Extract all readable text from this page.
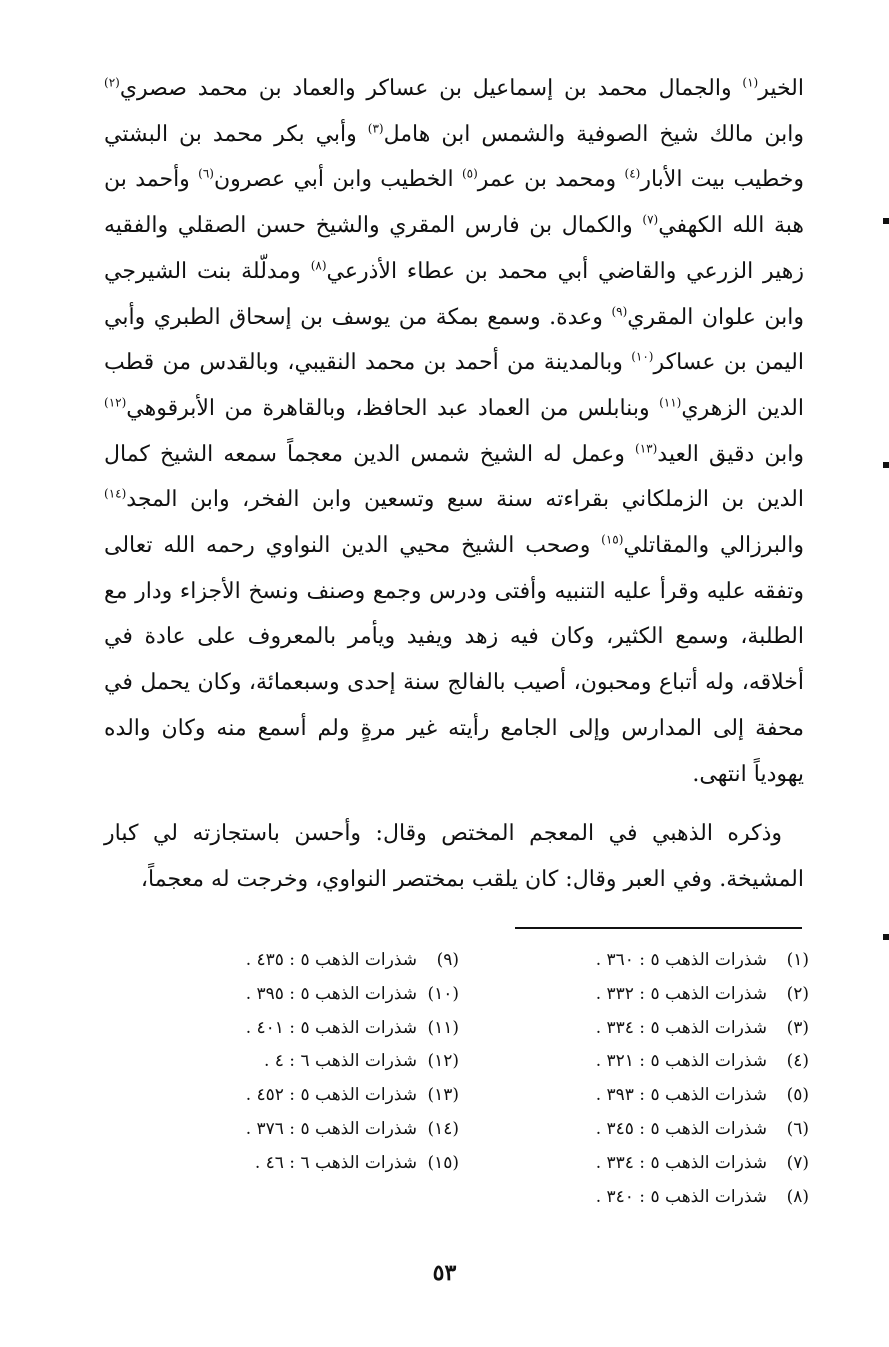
الخير$^{(١)}$ والجمال محمد بن إسماعيل بن عساكر والعماد بن محمد صصري$^{(٢)}$ وابن مالك شيخ الصوفية والشمس ابن هامل$^{(٣)}$ وأبي بكر محمد بن البشتي وخطيب بيت الأبار$^{(٤)}$ ومحمد بن عمر$^{(٥)}$ الخطيب وابن أبي عصرون$^{(٦)}$ وأحمد بن هبة الله الكهفي$^{(٧)}$ والكمال بن فارس المقري والشيخ حسن الصقلي والفقيه زهير الزرعي والقاضي أبي محمد بن عطاء الأذرعي$^{(٨)}$ ومدلّلة بنت الشيرجي وابن علوان المقري$^{(٩)}$ وعدة. وسمع بمكة من يوسف بن إسحاق الطبري وأبي اليمن بن عساكر$^{(١٠)}$ وبالمدينة من أحمد بن محمد النقيبي، وبالقدس من قطب الدين الزهري$^{(١١)}$ وبنابلس من العماد عبد الحافظ، وبالقاهرة من الأبرقوهي$^{(١٢)}$ وابن دقيق العيد$^{(١٣)}$ وعمل له الشيخ شمس الدين معجماً سمعه الشيخ كمال الدين بن الزملكاني بقراءته سنة سبع وتسعين وابن الفخر، وابن المجد$^{(١٤)}$ والبرزالي والمقاتلي$^{(١٥)}$ وصحب الشيخ محيي الدين النواوي رحمه الله تعالى وتفقه عليه وقرأ عليه التنبيه وأفتى ودرس وجمع وصنف ونسخ الأجزاء ودار مع الطلبة، وسمع الكثير، وكان فيه زهد ويفيد ويأمر بالمعروف على عادة في أخلاقه، وله أتباع ومحبون، أصيب بالفالج سنة إحدى وسبعمائة، وكان يحمل في محفة إلى المدارس وإلى الجامع رأيته غير مرةٍ ولم أسمع منه وكان والده يهودياً انتهى.

وذكره الذهبي في المعجم المختص وقال: وأحسن باستجازته لي كبار المشيخة. وفي العبر وقال: كان يلقب بمختصر النواوي، وخرجت له معجماً،

(١)شذرات الذهب ٥ : ٣٦٠ .
(٢)شذرات الذهب ٥ : ٣٣٢ .
(٣)شذرات الذهب ٥ : ٣٣٤ .
(٤)شذرات الذهب ٥ : ٣٢١ .
(٥)شذرات الذهب ٥ : ٣٩٣ .
(٦)شذرات الذهب ٥ : ٣٤٥ .
(٧)شذرات الذهب ٥ : ٣٣٤ .
(٨)شذرات الذهب ٥ : ٣٤٠ .
(٩)شذرات الذهب ٥ : ٤٣٥ .
(١٠)شذرات الذهب ٥ : ٣٩٥ .
(١١)شذرات الذهب ٥ : ٤٠١ .
(١٢)شذرات الذهب ٦ : ٤ .
(١٣)شذرات الذهب ٥ : ٤٥٢ .
(١٤)شذرات الذهب ٥ : ٣٧٦ .
(١٥)شذرات الذهب ٦ : ٤٦ .
٥٣
